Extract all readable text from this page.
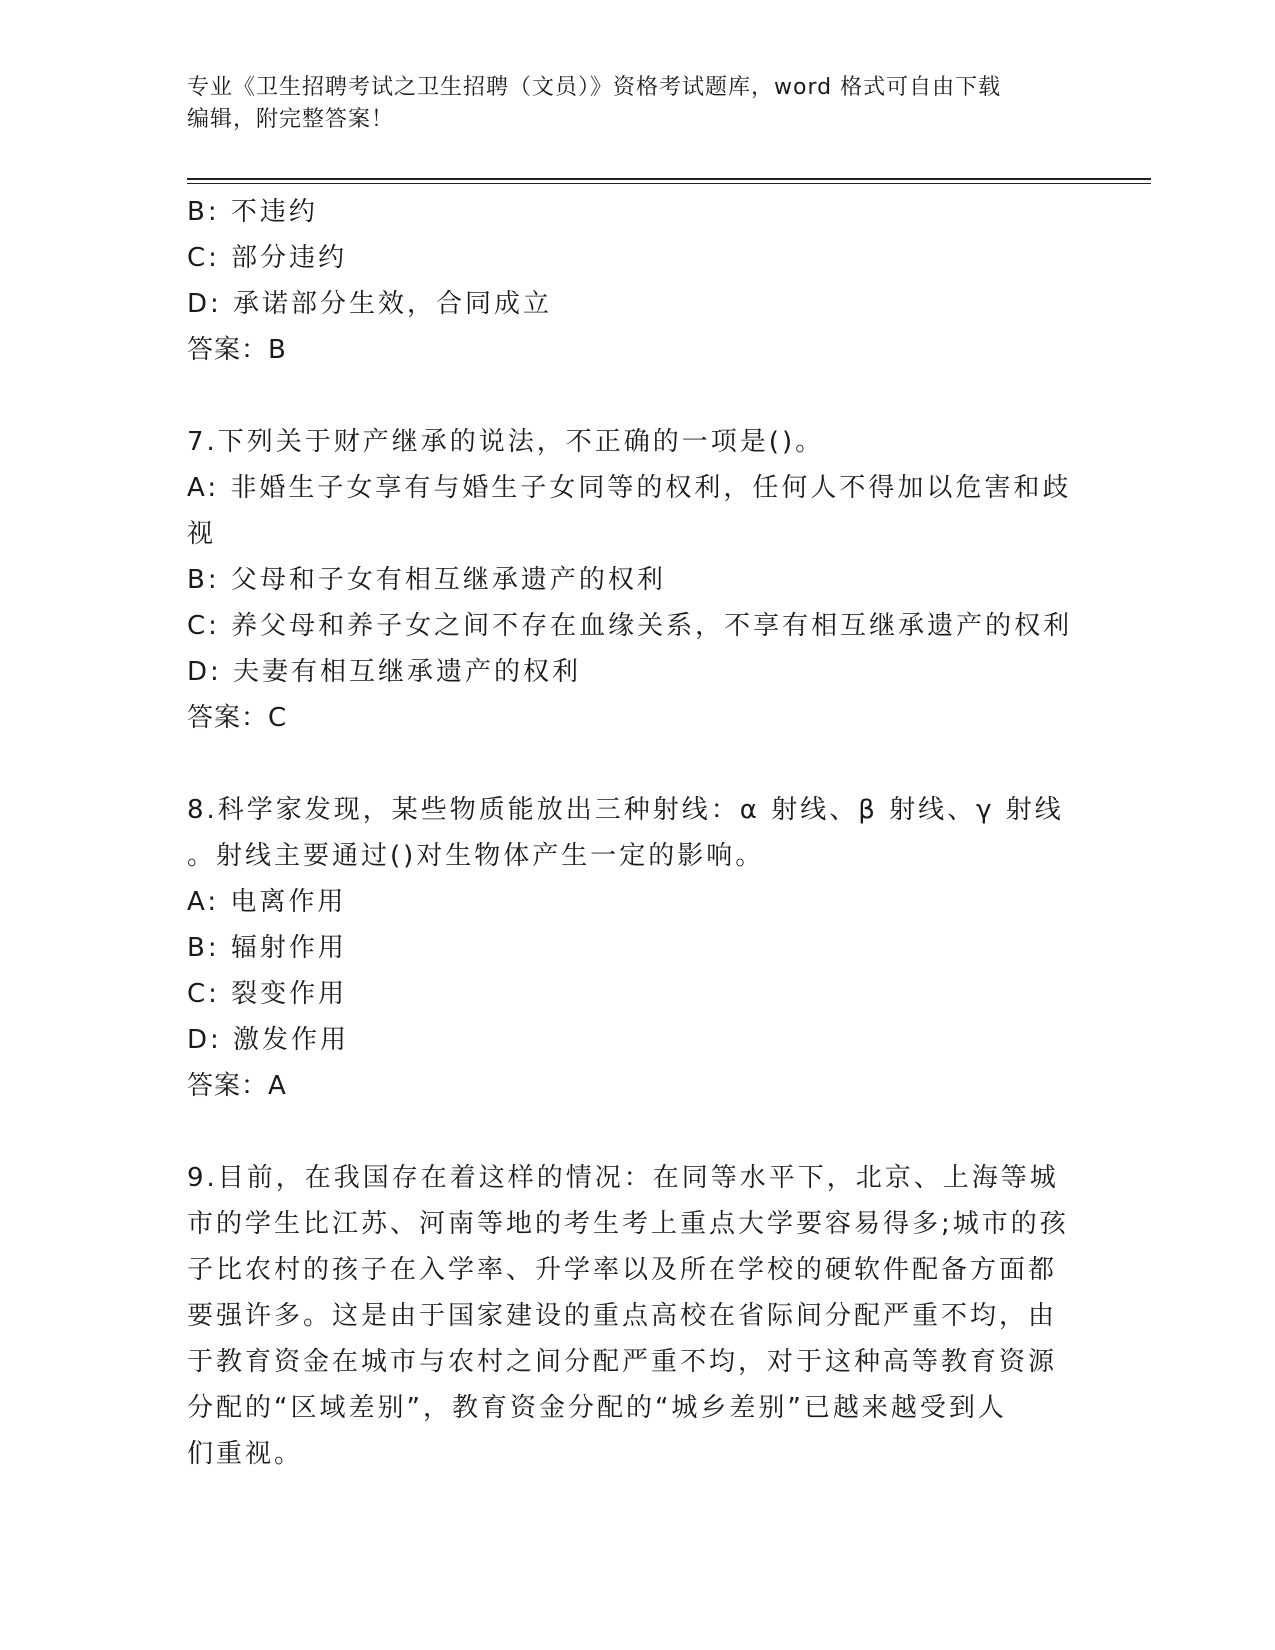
专业《卫生招聘考试之卫生招聘（文员）》资格考试题库，word 格式可自由下载
编辑，附完整答案！
B: 不违约
C: 部分违约
D: 承诺部分生效，合同成立
答案：B
7.下列关于财产继承的说法，不正确的一项是()。
A: 非婚生子女享有与婚生子女同等的权利，任何人不得加以危害和歧
视
B: 父母和子女有相互继承遗产的权利
C: 养父母和养子女之间不存在血缘关系，不享有相互继承遗产的权利
D: 夫妻有相互继承遗产的权利
答案：C
8.科学家发现，某些物质能放出三种射线：α 射线、β 射线、γ 射线
。射线主要通过()对生物体产生一定的影响。
A: 电离作用
B: 辐射作用
C: 裂变作用
D: 激发作用
答案：A
9.目前，在我国存在着这样的情况：在同等水平下，北京、上海等城
市的学生比江苏、河南等地的考生考上重点大学要容易得多;城市的孩
子比农村的孩子在入学率、升学率以及所在学校的硬软件配备方面都
要强许多。这是由于国家建设的重点高校在省际间分配严重不均，由
于教育资金在城市与农村之间分配严重不均，对于这种高等教育资源
分配的“区域差别”，教育资金分配的“城乡差别”已越来越受到人
们重视。
